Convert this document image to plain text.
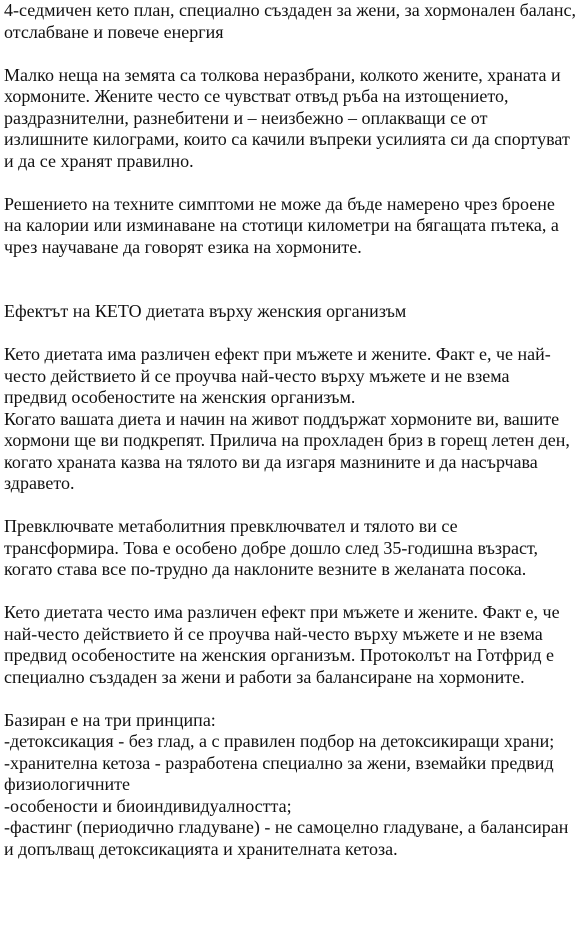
4-седмичен кето план, специално създаден за жени, за хормонален баланс, отслабване и повече енергия

Малко неща на земята са толкова неразбрани, колкото жените, храната и хормоните. Жените често се чувстват отвъд ръба на изтощението, раздразнителни, разнебитени и – неизбежно – оплакващи се от излишните килограми, които са качили въпреки усилията си да спортуват и да се хранят правилно.

Решението на техните симптоми не може да бъде намерено чрез броене на калории или изминаване на стотици километри на бягащата пътека, а чрез научаване да говорят езика на хормоните.

Ефектът на КЕТО диетата върху женския организъм

Кето диетата има различен ефект при мъжете и жените. Факт е, че най-често действието й се проучва най-често върху мъжете и не взема предвид особеностите на женския организъм.
Когато вашата диета и начин на живот поддържат хормоните ви, вашите хормони ще ви подкрепят. Прилича на прохладен бриз в горещ летен ден, когато храната казва на тялото ви да изгаря мазнините и да насърчава здравето.

Превключвате метаболитния превключвател и тялото ви се трансформира. Това е особено добре дошло след 35-годишна възраст, когато става все по-трудно да наклоните везните в желаната посока.

Кето диетата често има различен ефект при мъжете и жените. Факт е, че най-често действието й се проучва най-често върху мъжете и не взема предвид особеностите на женския организъм. Протоколът на Готфрид е специално създаден за жени и работи за балансиране на хормоните.

Базиран е на три принципа:
-детоксикация - без глад, а с правилен подбор на детоксикиращи храни;
-хранителна кетоза - разработена специално за жени, вземайки предвид физиологичните
-особености и биоиндивидуалността;
-фастинг (периодично гладуване) - не самоцелно гладуване, а балансиран и допълващ детоксикацията и хранителната кетоза.
